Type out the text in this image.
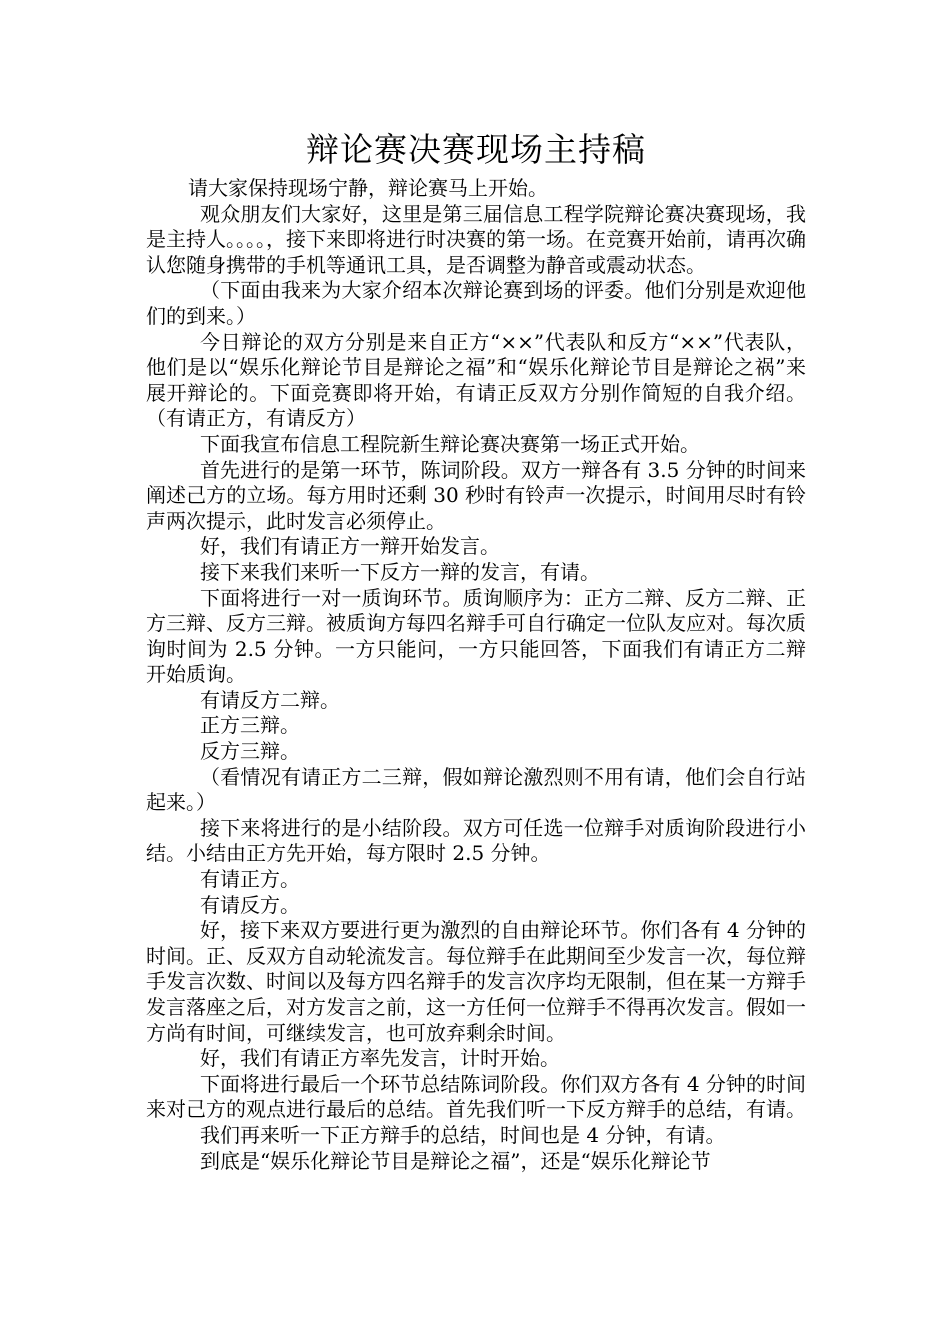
辩论赛决赛现场主持稿

请大家保持现场宁静，辩论赛马上开始。

观众朋友们大家好，这里是第三届信息工程学院辩论赛决赛现场，我是主持人。。。。，接下来即将进行时决赛的第一场。在竞赛开始前，请再次确认您随身携带的手机等通讯工具，是否调整为静音或震动状态。

（下面由我来为大家介绍本次辩论赛到场的评委。他们分别是欢迎他们的到来。）

今日辩论的双方分别是来自正方“××”代表队和反方“××”代表队，他们是以“娱乐化辩论节目是辩论之福”和“娱乐化辩论节目是辩论之祸”来展开辩论的。下面竞赛即将开始，有请正反双方分别作简短的自我介绍。（有请正方，有请反方）

下面我宣布信息工程院新生辩论赛决赛第一场正式开始。

首先进行的是第一环节，陈词阶段。双方一辩各有 3.5 分钟的时间来阐述己方的立场。每方用时还剩 30 秒时有铃声一次提示，时间用尽时有铃声两次提示，此时发言必须停止。

好，我们有请正方一辩开始发言。

接下来我们来听一下反方一辩的发言，有请。

下面将进行一对一质询环节。质询顺序为：正方二辩、反方二辩、正方三辩、反方三辩。被质询方每四名辩手可自行确定一位队友应对。每次质询时间为 2.5 分钟。一方只能问，一方只能回答，下面我们有请正方二辩开始质询。

有请反方二辩。

正方三辩。

反方三辩。

（看情况有请正方二三辩，假如辩论激烈则不用有请，他们会自行站起来。）

接下来将进行的是小结阶段。双方可任选一位辩手对质询阶段进行小结。小结由正方先开始，每方限时 2.5 分钟。

有请正方。

有请反方。

好，接下来双方要进行更为激烈的自由辩论环节。你们各有 4 分钟的时间。正、反双方自动轮流发言。每位辩手在此期间至少发言一次，每位辩手发言次数、时间以及每方四名辩手的发言次序均无限制，但在某一方辩手发言落座之后，对方发言之前，这一方任何一位辩手不得再次发言。假如一方尚有时间，可继续发言，也可放弃剩余时间。

好，我们有请正方率先发言，计时开始。

下面将进行最后一个环节总结陈词阶段。你们双方各有 4 分钟的时间来对己方的观点进行最后的总结。首先我们听一下反方辩手的总结，有请。

我们再来听一下正方辩手的总结，时间也是 4 分钟，有请。

到底是“娱乐化辩论节目是辩论之福”，还是“娱乐化辩论节
